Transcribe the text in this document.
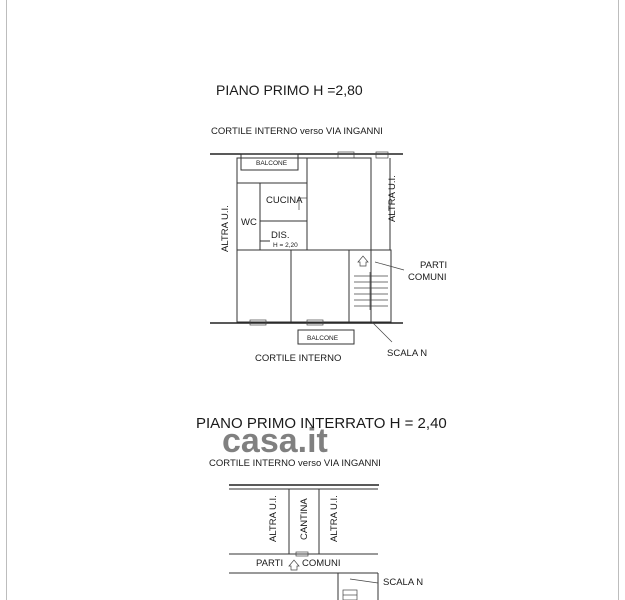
PIANO PRIMO H =2,80
CORTILE INTERNO verso VIA INGANNI
BALCONE
BALCONE
CUCINA
WC
DIS.
H = 2,20
ALTRA U.I.
ALTRA U.I.
PARTI
COMUNI
SCALA N
CORTILE INTERNO
casa.it
PIANO PRIMO INTERRATO H = 2,40
CORTILE INTERNO verso VIA INGANNI
ALTRA U.I. CANTINA ALTRA U.I.
PARTI COMUNI
SCALA N
